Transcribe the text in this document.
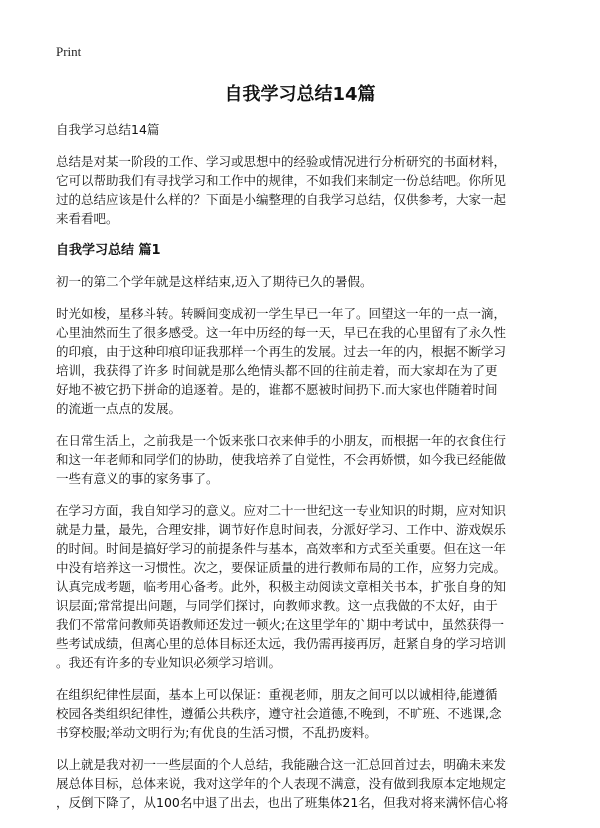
Print
自我学习总结14篇
自我学习总结14篇

总结是对某一阶段的工作、学习或思想中的经验或情况进行分析研究的书面材料，
它可以帮助我们有寻找学习和工作中的规律，不如我们来制定一份总结吧。你所见
过的总结应该是什么样的？下面是小编整理的自我学习总结，仅供参考，大家一起
来看看吧。

自我学习总结 篇1

初一的第二个学年就是这样结束,迈入了期待已久的暑假。

时光如梭，星移斗转。转瞬间变成初一学生早已一年了。回望这一年的一点一滴，
心里油然而生了很多感受。这一年中历经的每一天，早已在我的心里留有了永久性
的印痕，由于这种印痕印证我那样一个再生的发展。过去一年的内，根据不断学习
培训，我获得了许多 时间就是那么绝情头都不回的往前走着，而大家却在为了更
好地不被它扔下拼命的追逐着。是的，谁都不愿被时间扔下.而大家也伴随着时间
的流逝一点点的发展。

在日常生活上，之前我是一个饭来张口衣来伸手的小朋友，而根据一年的衣食住行
和这一年老师和同学们的协助，使我培养了自觉性，不会再娇惯，如今我已经能做
一些有意义的事的家务事了。

在学习方面，我自知学习的意义。应对二十一世纪这一专业知识的时期，应对知识
就是力量，最先，合理安排，调节好作息时间表，分派好学习、工作中、游戏娱乐
的时间。时间是搞好学习的前提条件与基本，高效率和方式至关重要。但在这一年
中没有培养这一习惯性。次之，要保证质量的进行教师布局的工作，应努力完成。
认真完成考题，临考用心备考。此外，积极主动阅读文章相关书本，扩张自身的知
识层面;常常提出问题，与同学们探讨，向教师求教。这一点我做的不太好，由于
我们不常常问教师英语教师还发过一顿火;在这里学年的`期中考试中，虽然获得一
些考试成绩，但离心里的总体目标还太远，我仍需再接再厉，赶紧自身的学习培训
。我还有许多的专业知识必须学习培训。

在组织纪律性层面，基本上可以保证：重视老师，朋友之间可以以诚相待,能遵循
校园各类组织纪律性，遵循公共秩序，遵守社会道德,不晚到，不旷班、不逃课,念
书穿校服;举动文明行为;有优良的生活习惯，不乱扔废料。

以上就是我对初一一些层面的个人总结，我能融合这一汇总回首过去，明确未来发
展总体目标，总体来说，我对这学年的个人表现不满意，没有做到我原本定地规定
，反倒下降了，从100名中退了出去，也出了班集体21名，但我对将来满怀信心将
